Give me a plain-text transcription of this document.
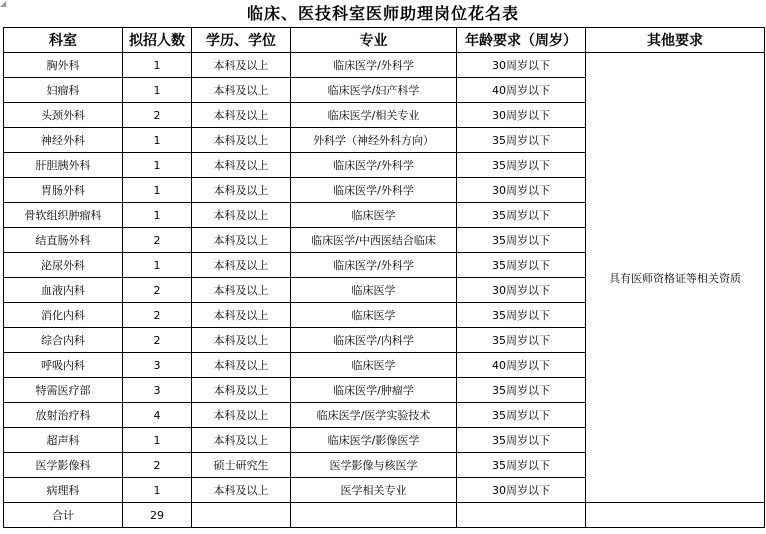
◢
临床、医技科室医师助理岗位花名表
科室	拟招人数	学历、学位	专业	年龄要求（周岁）	其他要求
胸外科	1	本科及以上	临床医学/外科学	30周岁以下	具有医师资格证等相关资质
妇瘤科	1	本科及以上	临床医学/妇产科学	40周岁以下	
头颈外科	2	本科及以上	临床医学/相关专业	30周岁以下	
神经外科	1	本科及以上	外科学（神经外科方向）	35周岁以下	
肝胆胰外科	1	本科及以上	临床医学/外科学	35周岁以下	
胃肠外科	1	本科及以上	临床医学/外科学	30周岁以下	
骨软组织肿瘤科	1	本科及以上	临床医学	35周岁以下	
结直肠外科	2	本科及以上	临床医学/中西医结合临床	35周岁以下	
泌尿外科	1	本科及以上	临床医学/外科学	35周岁以下	
血液内科	2	本科及以上	临床医学	30周岁以下	
消化内科	2	本科及以上	临床医学	35周岁以下	
综合内科	2	本科及以上	临床医学/内科学	35周岁以下	
呼吸内科	3	本科及以上	临床医学	40周岁以下	
特需医疗部	3	本科及以上	临床医学/肿瘤学	35周岁以下	
放射治疗科	4	本科及以上	临床医学/医学实验技术	35周岁以下	
超声科	1	本科及以上	临床医学/影像医学	35周岁以下	
医学影像科	2	硕士研究生	医学影像与核医学	35周岁以下	
病理科	1	本科及以上	医学相关专业	30周岁以下	
合计	29				
